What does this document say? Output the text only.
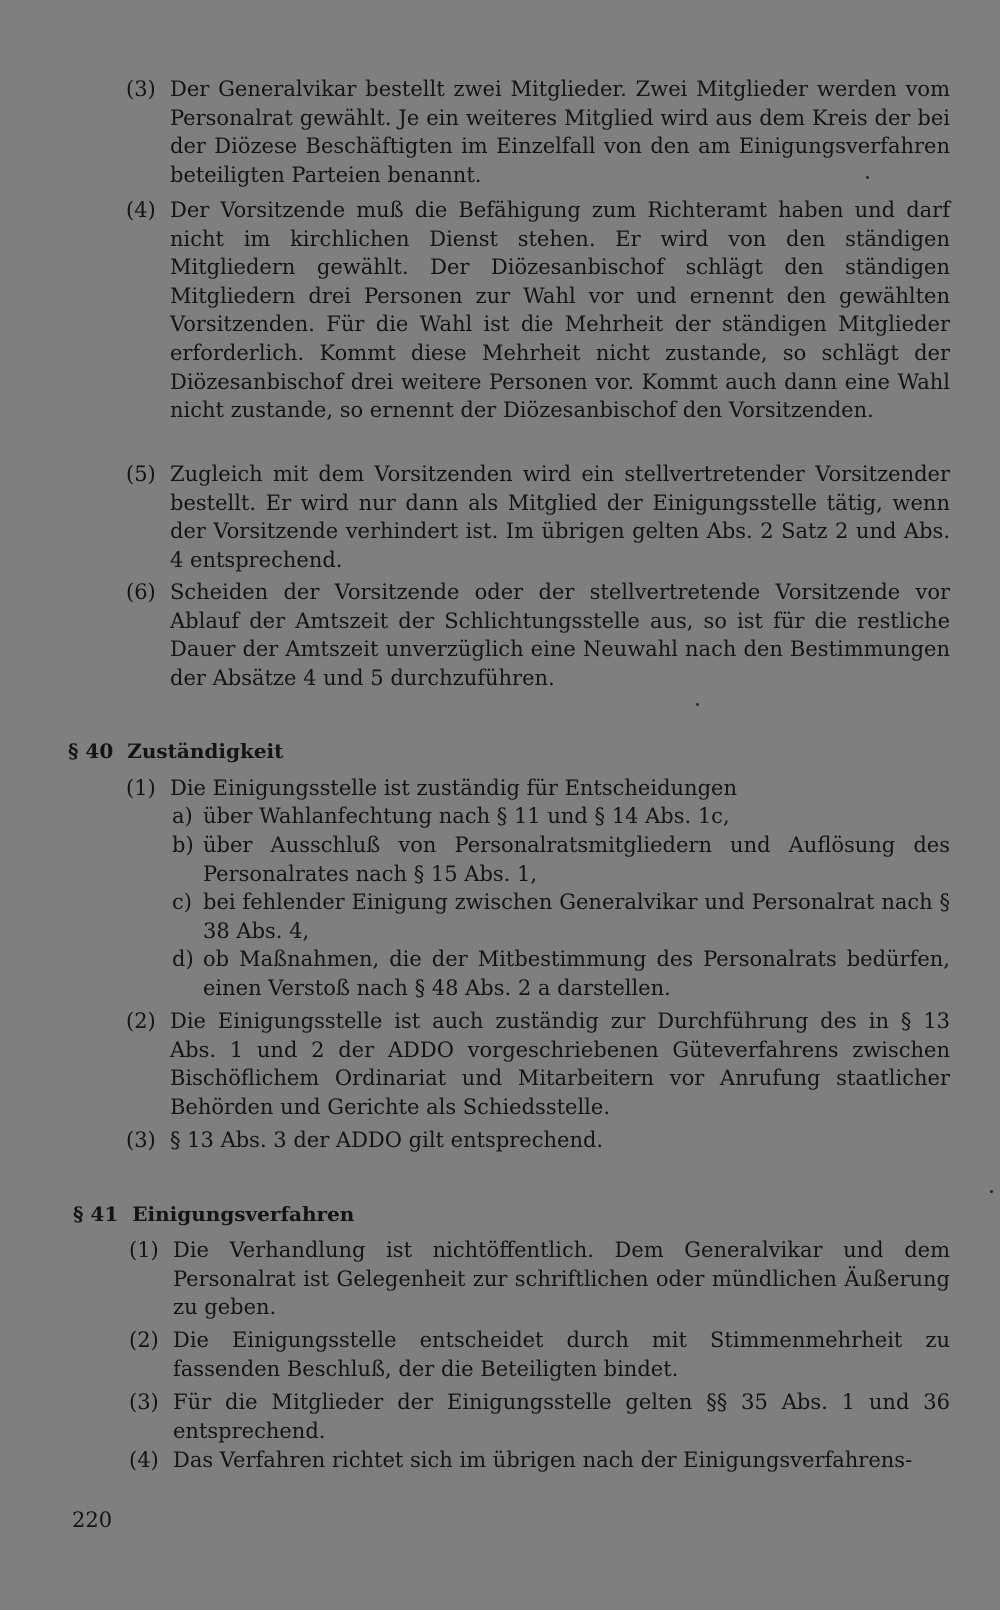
(3) Der Generalvikar bestellt zwei Mitglieder. Zwei Mitglieder werden vom Personalrat gewählt. Je ein weiteres Mitglied wird aus dem Kreis der bei der Diözese Beschäftigten im Einzelfall von den am Einigungsverfahren beteiligten Parteien benannt.
(4) Der Vorsitzende muß die Befähigung zum Richteramt haben und darf nicht im kirchlichen Dienst stehen. Er wird von den ständigen Mitgliedern gewählt. Der Diözesanbischof schlägt den ständigen Mitgliedern drei Personen zur Wahl vor und ernennt den gewählten Vorsitzenden. Für die Wahl ist die Mehrheit der ständigen Mitglieder erforderlich. Kommt diese Mehrheit nicht zustande, so schlägt der Diözesanbischof drei weitere Personen vor. Kommt auch dann eine Wahl nicht zustande, so ernennt der Diözesanbischof den Vorsitzenden.
(5) Zugleich mit dem Vorsitzenden wird ein stellvertretender Vorsitzender bestellt. Er wird nur dann als Mitglied der Einigungsstelle tätig, wenn der Vorsitzende verhindert ist. Im übrigen gelten Abs. 2 Satz 2 und Abs. 4 entsprechend.
(6) Scheiden der Vorsitzende oder der stellvertretende Vorsitzende vor Ablauf der Amtszeit der Schlichtungsstelle aus, so ist für die restliche Dauer der Amtszeit unverzüglich eine Neuwahl nach den Bestimmungen der Absätze 4 und 5 durchzuführen.
§ 40 Zuständigkeit
(1) Die Einigungsstelle ist zuständig für Entscheidungen
a) über Wahlanfechtung nach § 11 und § 14 Abs. 1c,
b) über Ausschluß von Personalratsmitgliedern und Auflösung des Personalrates nach § 15 Abs. 1,
c) bei fehlender Einigung zwischen Generalvikar und Personalrat nach § 38 Abs. 4,
d) ob Maßnahmen, die der Mitbestimmung des Personalrats bedürfen, einen Verstoß nach § 48 Abs. 2 a darstellen.
(2) Die Einigungsstelle ist auch zuständig zur Durchführung des in § 13 Abs. 1 und 2 der ADDO vorgeschriebenen Güteverfahrens zwischen Bischöflichem Ordinariat und Mitarbeitern vor Anrufung staatlicher Behörden und Gerichte als Schiedsstelle.
(3) § 13 Abs. 3 der ADDO gilt entsprechend.
§ 41 Einigungsverfahren
(1) Die Verhandlung ist nichtöffentlich. Dem Generalvikar und dem Personalrat ist Gelegenheit zur schriftlichen oder mündlichen Äußerung zu geben.
(2) Die Einigungsstelle entscheidet durch mit Stimmenmehrheit zu fassenden Beschluß, der die Beteiligten bindet.
(3) Für die Mitglieder der Einigungsstelle gelten §§ 35 Abs. 1 und 36 entsprechend.
(4) Das Verfahren richtet sich im übrigen nach der Einigungsverfahrens-
220
